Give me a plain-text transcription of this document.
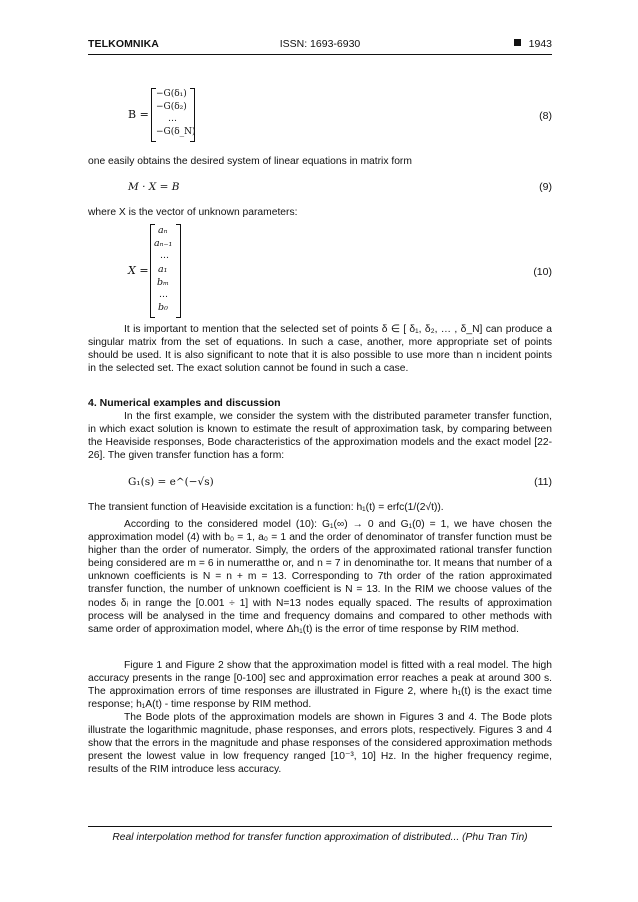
TELKOMNIKA	ISSN: 1693-6930	1943
B =
−G(δ₁)
−G(δ₂)
…
−G(δ_N)
(8)
one easily obtains the desired system of linear equations in matrix form
M · X = B	(9)
where X is the vector of unknown parameters:
X =
aₙ
aₙ₋₁
…
a₁
bₘ
…
b₀
(10)
It is important to mention that the selected set of points δ ∈ [ δ₁, δ₂, … , δ_N] can produce a singular matrix from the set of equations. In such a case, another, more appropriate set of points should be used. It is also significant to note that it is also possible to use more than n incident points in the selected set. The exact solution cannot be found in such a case.
4. Numerical examples and discussion
In the first example, we consider the system with the distributed parameter transfer function, in which exact solution is known to estimate the result of approximation task, by comparing between the Heaviside responses, Bode characteristics of the approximation models and the exact model [22-26]. The given transfer function has a form:
G₁(s) = e^(−√s)	(11)
The transient function of Heaviside excitation is a function: h₁(t) = erfc(1/(2√t)).
According to the considered model (10): G₁(∞) → 0 and G₁(0) = 1, we have chosen the approximation model (4) with b₀ = 1, a₀ = 1 and the order of denominator of transfer function must be higher than the order of numerator. Simply, the orders of the approximated rational transfer function being considered are m = 6 in numeratthe or, and n = 7 in denominathe tor. It means that number of a unknown coefficients is N = n + m = 13. Corresponding to 7th order of the ration approximated transfer function, the number of unknown coefficient is N = 13. In the RIM we choose values of the nodes δᵢ in range the [0.001 ÷ 1] with N=13 nodes equally spaced. The results of approximation process will be analysed in the time and frequency domains and compared to other methods with same order of approximation model, where Δh₁(t) is the error of time response by RIM method.
Figure 1 and Figure 2 show that the approximation model is fitted with a real model. The high accuracy presents in the range [0-100] sec and approximation error reaches a peak at around 300 s. The approximation errors of time responses are illustrated in Figure 2, where h₁(t) is the exact time response; h₁A(t) - time response by RIM method.
The Bode plots of the approximation models are shown in Figures 3 and 4. The Bode plots illustrate the logarithmic magnitude, phase responses, and errors plots, respectively. Figures 3 and 4 show that the errors in the magnitude and phase responses of the considered approximation methods present the lowest value in low frequency ranged [10⁻³, 10] Hz. In the higher frequency regime, results of the RIM introduce less accuracy.
Real interpolation method for transfer function approximation of distributed... (Phu Tran Tin)
